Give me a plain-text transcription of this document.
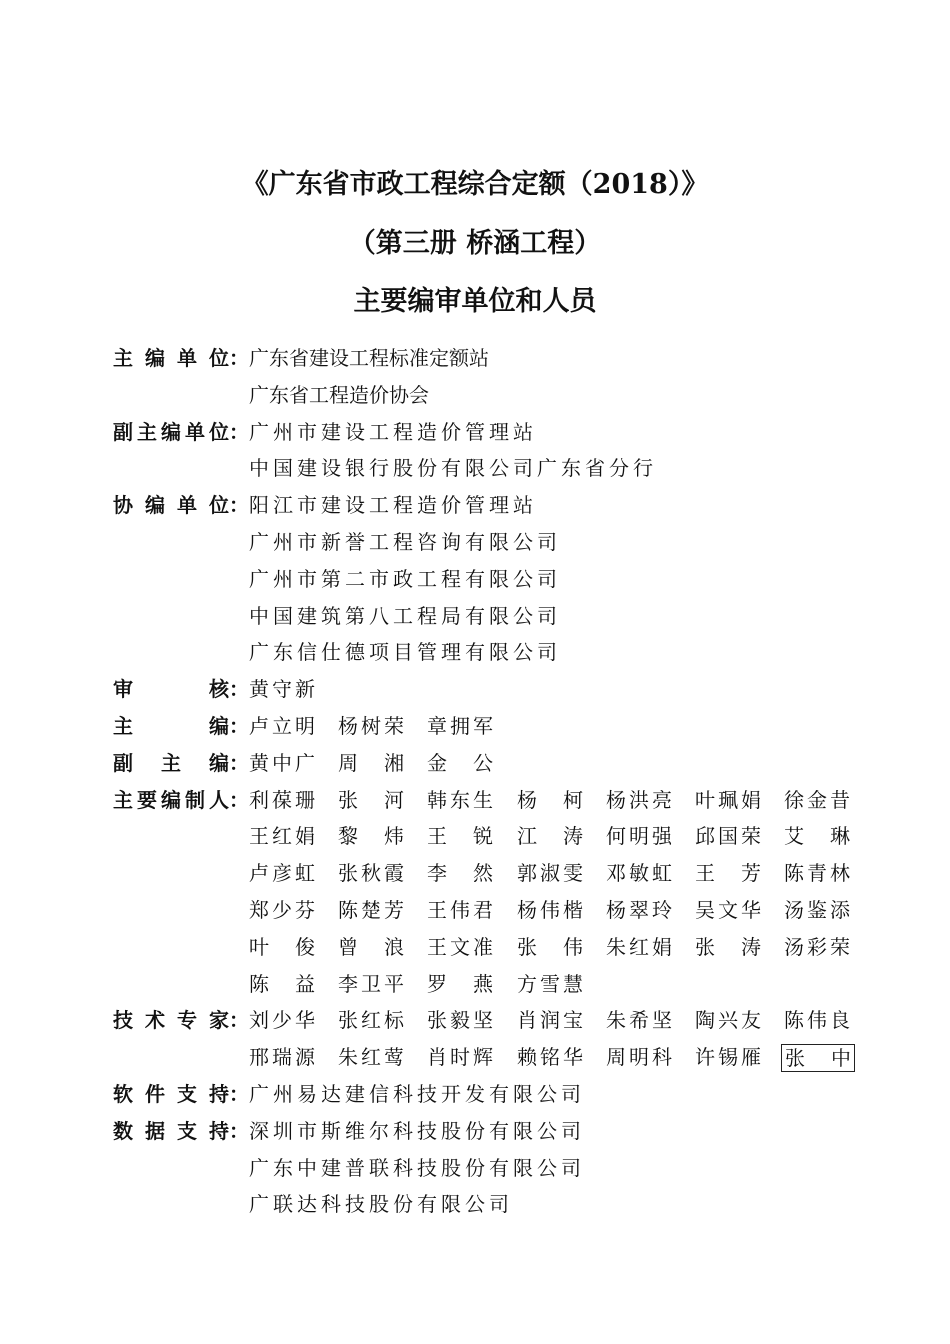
《广东省市政工程综合定额（2018）》
（第三册 桥涵工程）
主要编审单位和人员
主 编 单 位 ： 广东省建设工程标准定额站
广东省工程造价协会
副 主 编 单 位 ： 广州市建设工程造价管理站
中国建设银行股份有限公司广东省分行
协 编 单 位 ： 阳江市建设工程造价管理站
广州市新誉工程咨询有限公司
广州市第二市政工程有限公司
中国建筑第八工程局有限公司
广东信仕德项目管理有限公司
审	核 ： 黄 守 新
主	编 ： 卢 立 明 杨 树 荣 章 拥 军
副 主 编 ： 黄 中 广 周 湘 金 公
主 要 编 制 人 ： 利 葆 珊 张 河 韩 东 生 杨 柯 杨 洪 亮 叶 珮 娟 徐 金 昔
王 红 娟 黎 炜 王 锐 江 涛 何 明 强 邱 国 荣 艾 琳
卢 彦 虹 张 秋 霞 李 然 郭 淑 雯 邓 敏 虹 王 芳 陈 青 林
郑 少 芬 陈 楚 芳 王 伟 君 杨 伟 楷 杨 翠 玲 吴 文 华 汤 鉴 添
叶 俊 曾 浪 王 文 准 张 伟 朱 红 娟 张 涛 汤 彩 荣
陈 益 李 卫 平 罗 燕 方 雪 慧
技 术 专 家 ： 刘 少 华 张 红 标 张 毅 坚 肖 润 宝 朱 希 坚 陶 兴 友 陈 伟 良
邢 瑞 源 朱 红 莺 肖 时 辉 赖 铭 华 周 明 科 许 锡 雁 张 中
软 件 支 持 ： 广州易达建信科技开发有限公司
数 据 支 持 ： 深圳市斯维尔科技股份有限公司
广东中建普联科技股份有限公司
广联达科技股份有限公司
